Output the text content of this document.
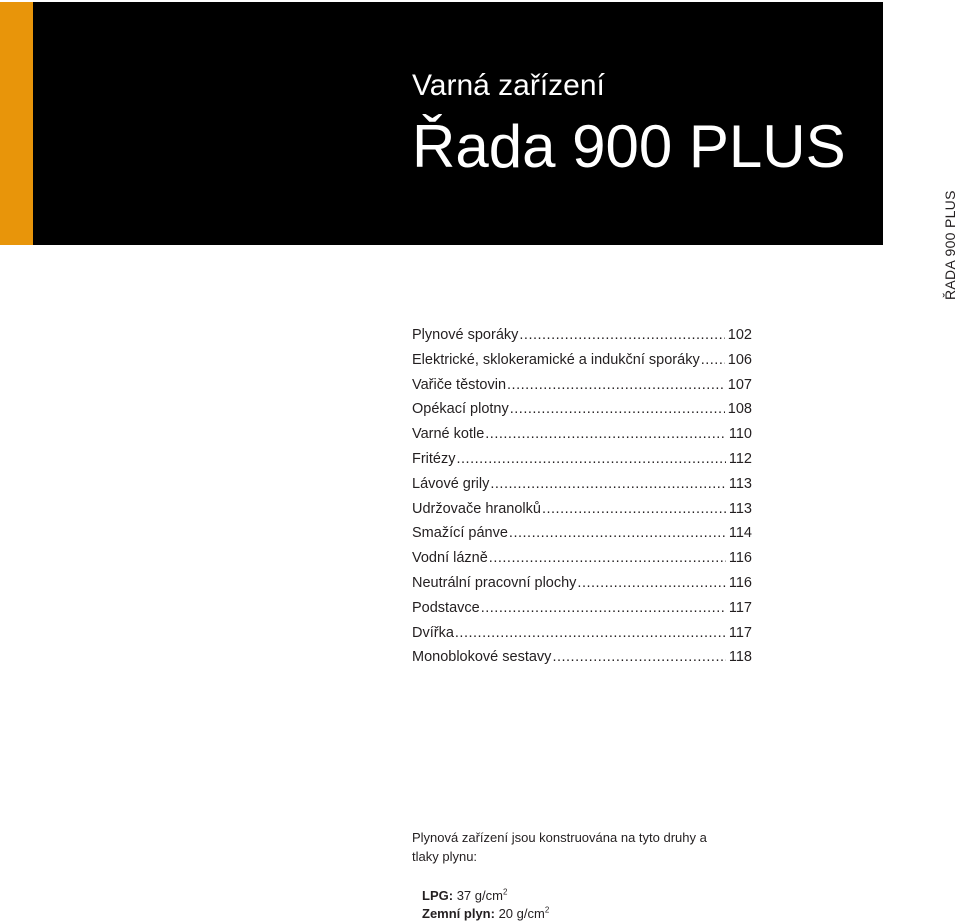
Varná zařízení
Řada 900 PLUS
ŘADA 900 PLUS
Plynové sporáky .....	102
Elektrické, sklokeramické a indukční sporáky ..... 106
Vařiče těstovin .....	107
Opékací plotny .....	108
Varné kotle .....	110
Fritézy .....	112
Lávové grily .....	113
Udržovače hranolků .....	113
Smažící pánve .....	114
Vodní lázně .....	116
Neutrální pracovní plochy .....	116
Podstavce .....	117
Dvířka .....	117
Monoblokové sestavy .....	118

Plynová zařízení jsou konstruována na tyto druhy a tlaky plynu:

LPG: 37 $g/cm^2$
Zemní plyn: 20 $g/cm^2$
